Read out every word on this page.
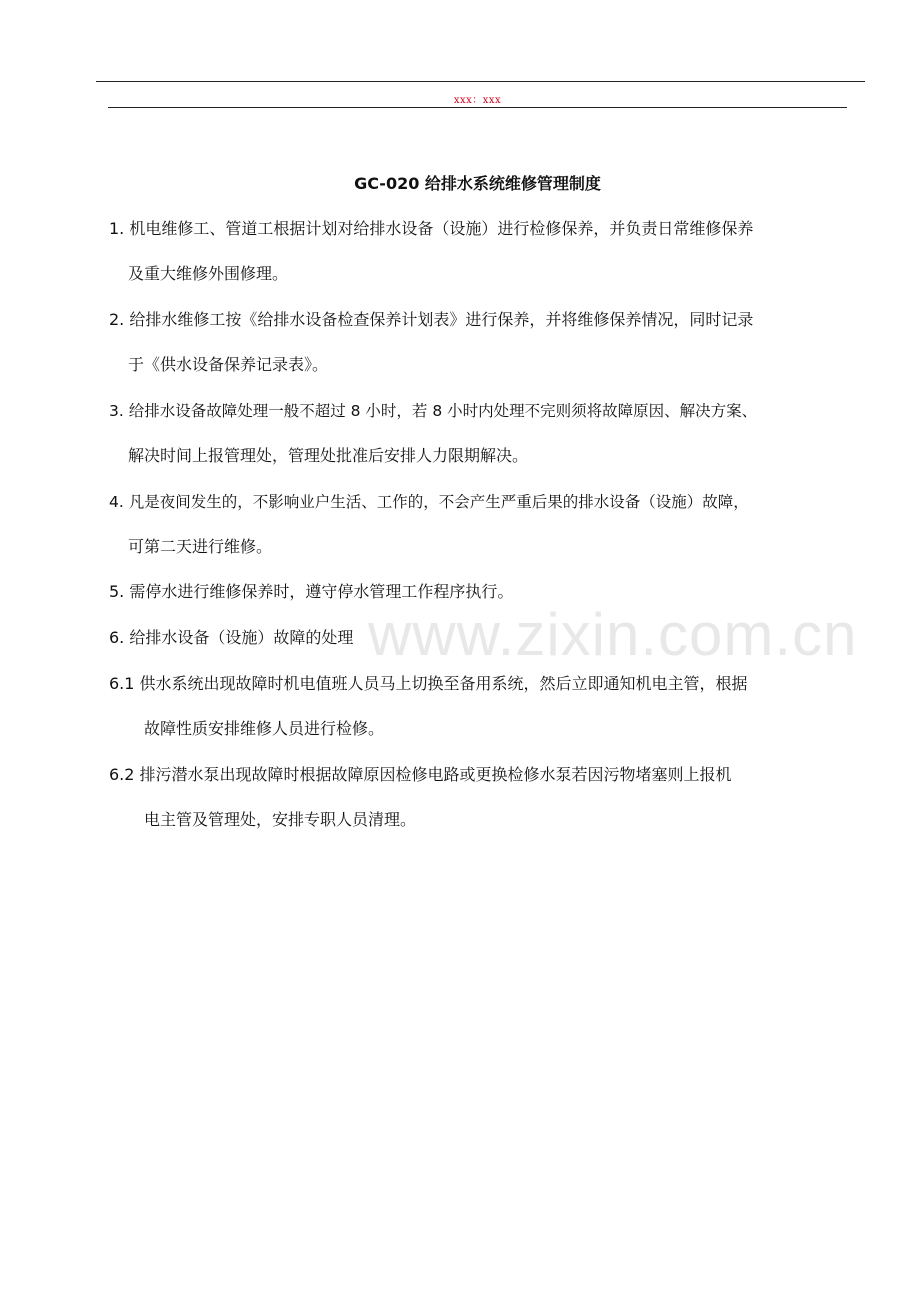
xxx：xxx
GC-020 给排水系统维修管理制度
1. 机电维修工、管道工根据计划对给排水设备（设施）进行检修保养，并负责日常维修保养
及重大维修外围修理。
2. 给排水维修工按《给排水设备检查保养计划表》进行保养，并将维修保养情况，同时记录
于《供水设备保养记录表》。
3. 给排水设备故障处理一般不超过 8 小时，若 8 小时内处理不完则须将故障原因、解决方案、
解决时间上报管理处，管理处批准后安排人力限期解决。
4. 凡是夜间发生的，不影响业户生活、工作的，不会产生严重后果的排水设备（设施）故障，
可第二天进行维修。
5. 需停水进行维修保养时，遵守停水管理工作程序执行。
6. 给排水设备（设施）故障的处理
6.1 供水系统出现故障时机电值班人员马上切换至备用系统，然后立即通知机电主管，根据
故障性质安排维修人员进行检修。
6.2 排污潜水泵出现故障时根据故障原因检修电路或更换检修水泵若因污物堵塞则上报机
电主管及管理处，安排专职人员清理。
www.zixin.com.cn
